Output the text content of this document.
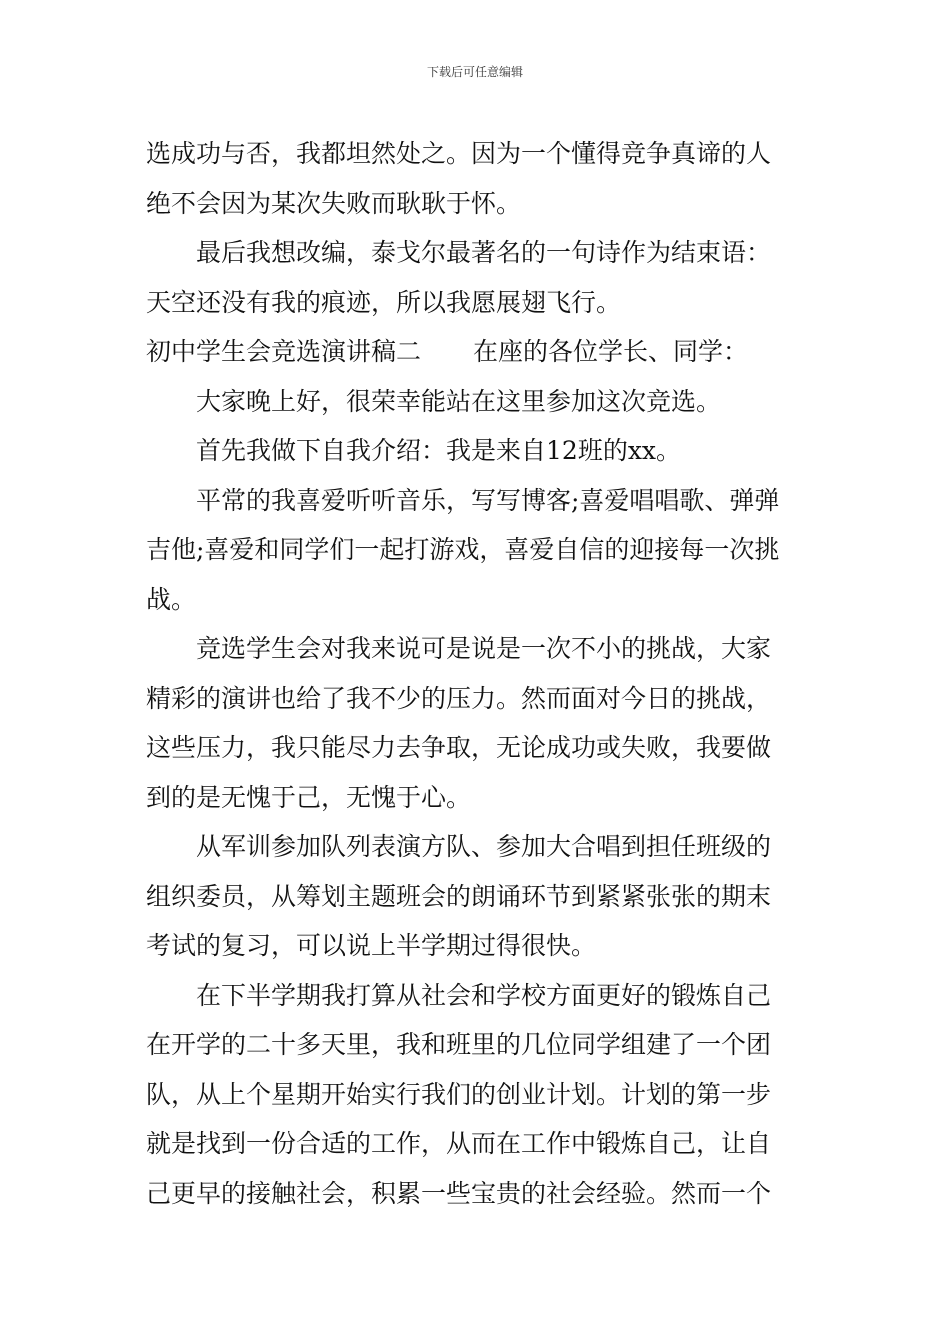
下载后可任意编辑
选成功与否，我都坦然处之。因为一个懂得竞争真谛的人
绝不会因为某次失败而耿耿于怀。
最后我想改编，泰戈尔最著名的一句诗作为结束语：
天空还没有我的痕迹，所以我愿展翅飞行。
初中学生会竞选演讲稿二 在座的各位学长、同学：
大家晚上好，很荣幸能站在这里参加这次竞选。
首先我做下自我介绍：我是来自12班的xx。
平常的我喜爱听听音乐，写写博客;喜爱唱唱歌、弹弹
吉他;喜爱和同学们一起打游戏，喜爱自信的迎接每一次挑
战。
竞选学生会对我来说可是说是一次不小的挑战，大家
精彩的演讲也给了我不少的压力。然而面对今日的挑战，
这些压力，我只能尽力去争取，无论成功或失败，我要做
到的是无愧于己，无愧于心。
从军训参加队列表演方队、参加大合唱到担任班级的
组织委员，从筹划主题班会的朗诵环节到紧紧张张的期末
考试的复习，可以说上半学期过得很快。
在下半学期我打算从社会和学校方面更好的锻炼自己
在开学的二十多天里，我和班里的几位同学组建了一个团
队，从上个星期开始实行我们的创业计划。计划的第一步
就是找到一份合适的工作，从而在工作中锻炼自己，让自
己更早的接触社会，积累一些宝贵的社会经验。然而一个
